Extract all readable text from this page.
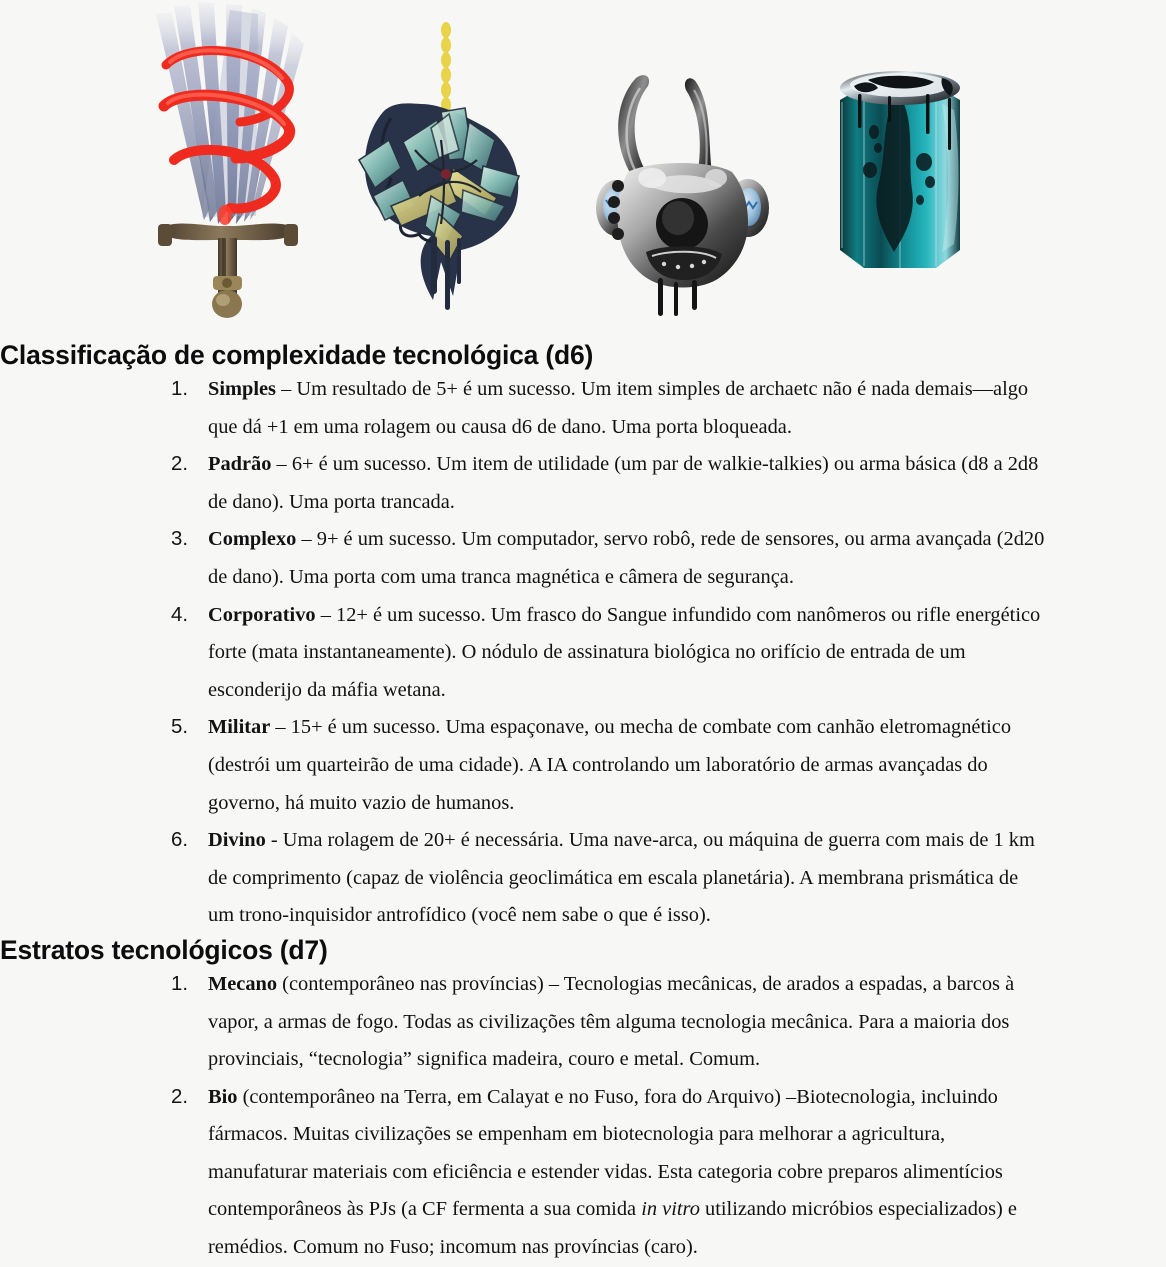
Classificação de complexidade tecnológica (d6)
1. Simples – Um resultado de 5+ é um sucesso. Um item simples de archaetc não é nada demais—algo que dá +1 em uma rolagem ou causa d6 de dano. Uma porta bloqueada.
2. Padrão – 6+ é um sucesso. Um item de utilidade (um par de walkie-talkies) ou arma básica (d8 a 2d8 de dano). Uma porta trancada.
3. Complexo – 9+ é um sucesso. Um computador, servo robô, rede de sensores, ou arma avançada (2d20 de dano). Uma porta com uma tranca magnética e câmera de segurança.
4. Corporativo – 12+ é um sucesso. Um frasco do Sangue infundido com nanômeros ou rifle energético forte (mata instantaneamente). O nódulo de assinatura biológica no orifício de entrada de um esconderijo da máfia wetana.
5. Militar – 15+ é um sucesso. Uma espaçonave, ou mecha de combate com canhão eletromagnético (destrói um quarteirão de uma cidade). A IA controlando um laboratório de armas avançadas do governo, há muito vazio de humanos.
6. Divino - Uma rolagem de 20+ é necessária. Uma nave-arca, ou máquina de guerra com mais de 1 km de comprimento (capaz de violência geoclimática em escala planetária). A membrana prismática de um trono-inquisidor antrofídico (você nem sabe o que é isso).
Estratos tecnológicos (d7)
1. Mecano (contemporâneo nas províncias) – Tecnologias mecânicas, de arados a espadas, a barcos à vapor, a armas de fogo. Todas as civilizações têm alguma tecnologia mecânica. Para a maioria dos provinciais, “tecnologia” significa madeira, couro e metal. Comum.
2. Bio (contemporâneo na Terra, em Calayat e no Fuso, fora do Arquivo) –Biotecnologia, incluindo fármacos. Muitas civilizações se empenham em biotecnologia para melhorar a agricultura, manufaturar materiais com eficiência e estender vidas. Esta categoria cobre preparos alimentícios contemporâneos às PJs (a CF fermenta a sua comida in vitro utilizando micróbios especializados) e remédios. Comum no Fuso; incomum nas províncias (caro).
